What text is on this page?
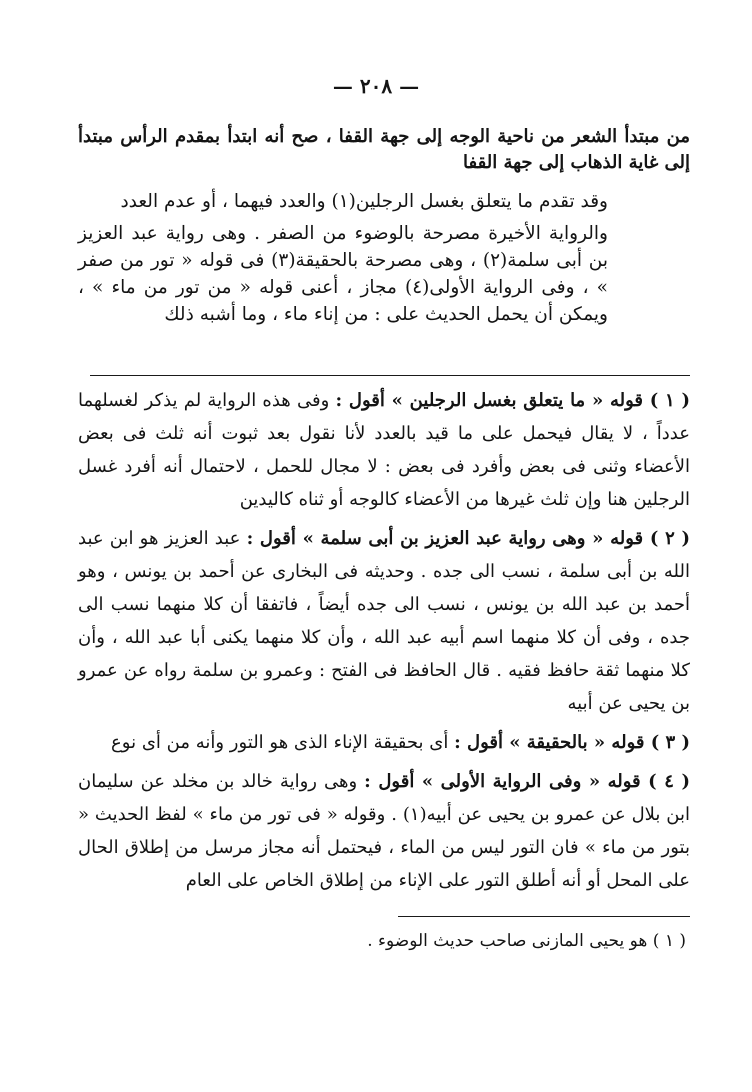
— ٢٠٨ —

من مبتدأ الشعر من ناحية الوجه إلى جهة القفا ، صح أنه ابتدأ بمقدم الرأس مبتدأ إلى غاية الذهاب إلى جهة القفا

وقد تقدم ما يتعلق بغسل الرجلين(١) والعدد فيهما ، أو عدم العدد

والرواية الأخيرة مصرحة بالوضوء من الصفر . وهى رواية عبد العزيز بن أبى سلمة(٢) ، وهى مصرحة بالحقيقة(٣) فى قوله « تور من صفر » ، وفى الرواية الأولى(٤) مجاز ، أعنى قوله « من تور من ماء » ، ويمكن أن يحمل الحديث على : من إناء ماء ، وما أشبه ذلك

( ١ ) قوله « ما يتعلق بغسل الرجلين » أقول : وفى هذه الرواية لم يذكر لغسلهما عدداً ، لا يقال فيحمل على ما قيد بالعدد لأنا نقول بعد ثبوت أنه ثلث فى بعض الأعضاء وثنى فى بعض وأفرد فى بعض : لا مجال للحمل ، لاحتمال أنه أفرد غسل الرجلين هنا وإن ثلث غيرها من الأعضاء كالوجه أو ثناه كاليدين

( ٢ ) قوله « وهى رواية عبد العزيز بن أبى سلمة » أقول : عبد العزيز هو ابن عبد الله بن أبى سلمة ، نسب الى جده . وحديثه فى البخارى عن أحمد بن يونس ، وهو أحمد بن عبد الله بن يونس ، نسب الى جده أيضاً ، فاتفقا أن كلا منهما نسب الى جده ، وفى أن كلا منهما اسم أبيه عبد الله ، وأن كلا منهما يكنى أبا عبد الله ، وأن كلا منهما ثقة حافظ فقيه . قال الحافظ فى الفتح : وعمرو بن سلمة رواه عن عمرو بن يحيى عن أبيه

( ٣ ) قوله « بالحقيقة » أقول : أى بحقيقة الإناء الذى هو التور وأنه من أى نوع

( ٤ ) قوله « وفى الرواية الأولى » أقول : وهى رواية خالد بن مخلد عن سليمان ابن بلال عن عمرو بن يحيى عن أبيه(١) . وقوله « فى تور من ماء » لفظ الحديث « بتور من ماء » فان التور ليس من الماء ، فيحتمل أنه مجاز مرسل من إطلاق الحال على المحل أو أنه أطلق التور على الإناء من إطلاق الخاص على العام

( ١ ) هو يحيى المازنى صاحب حديث الوضوء .
